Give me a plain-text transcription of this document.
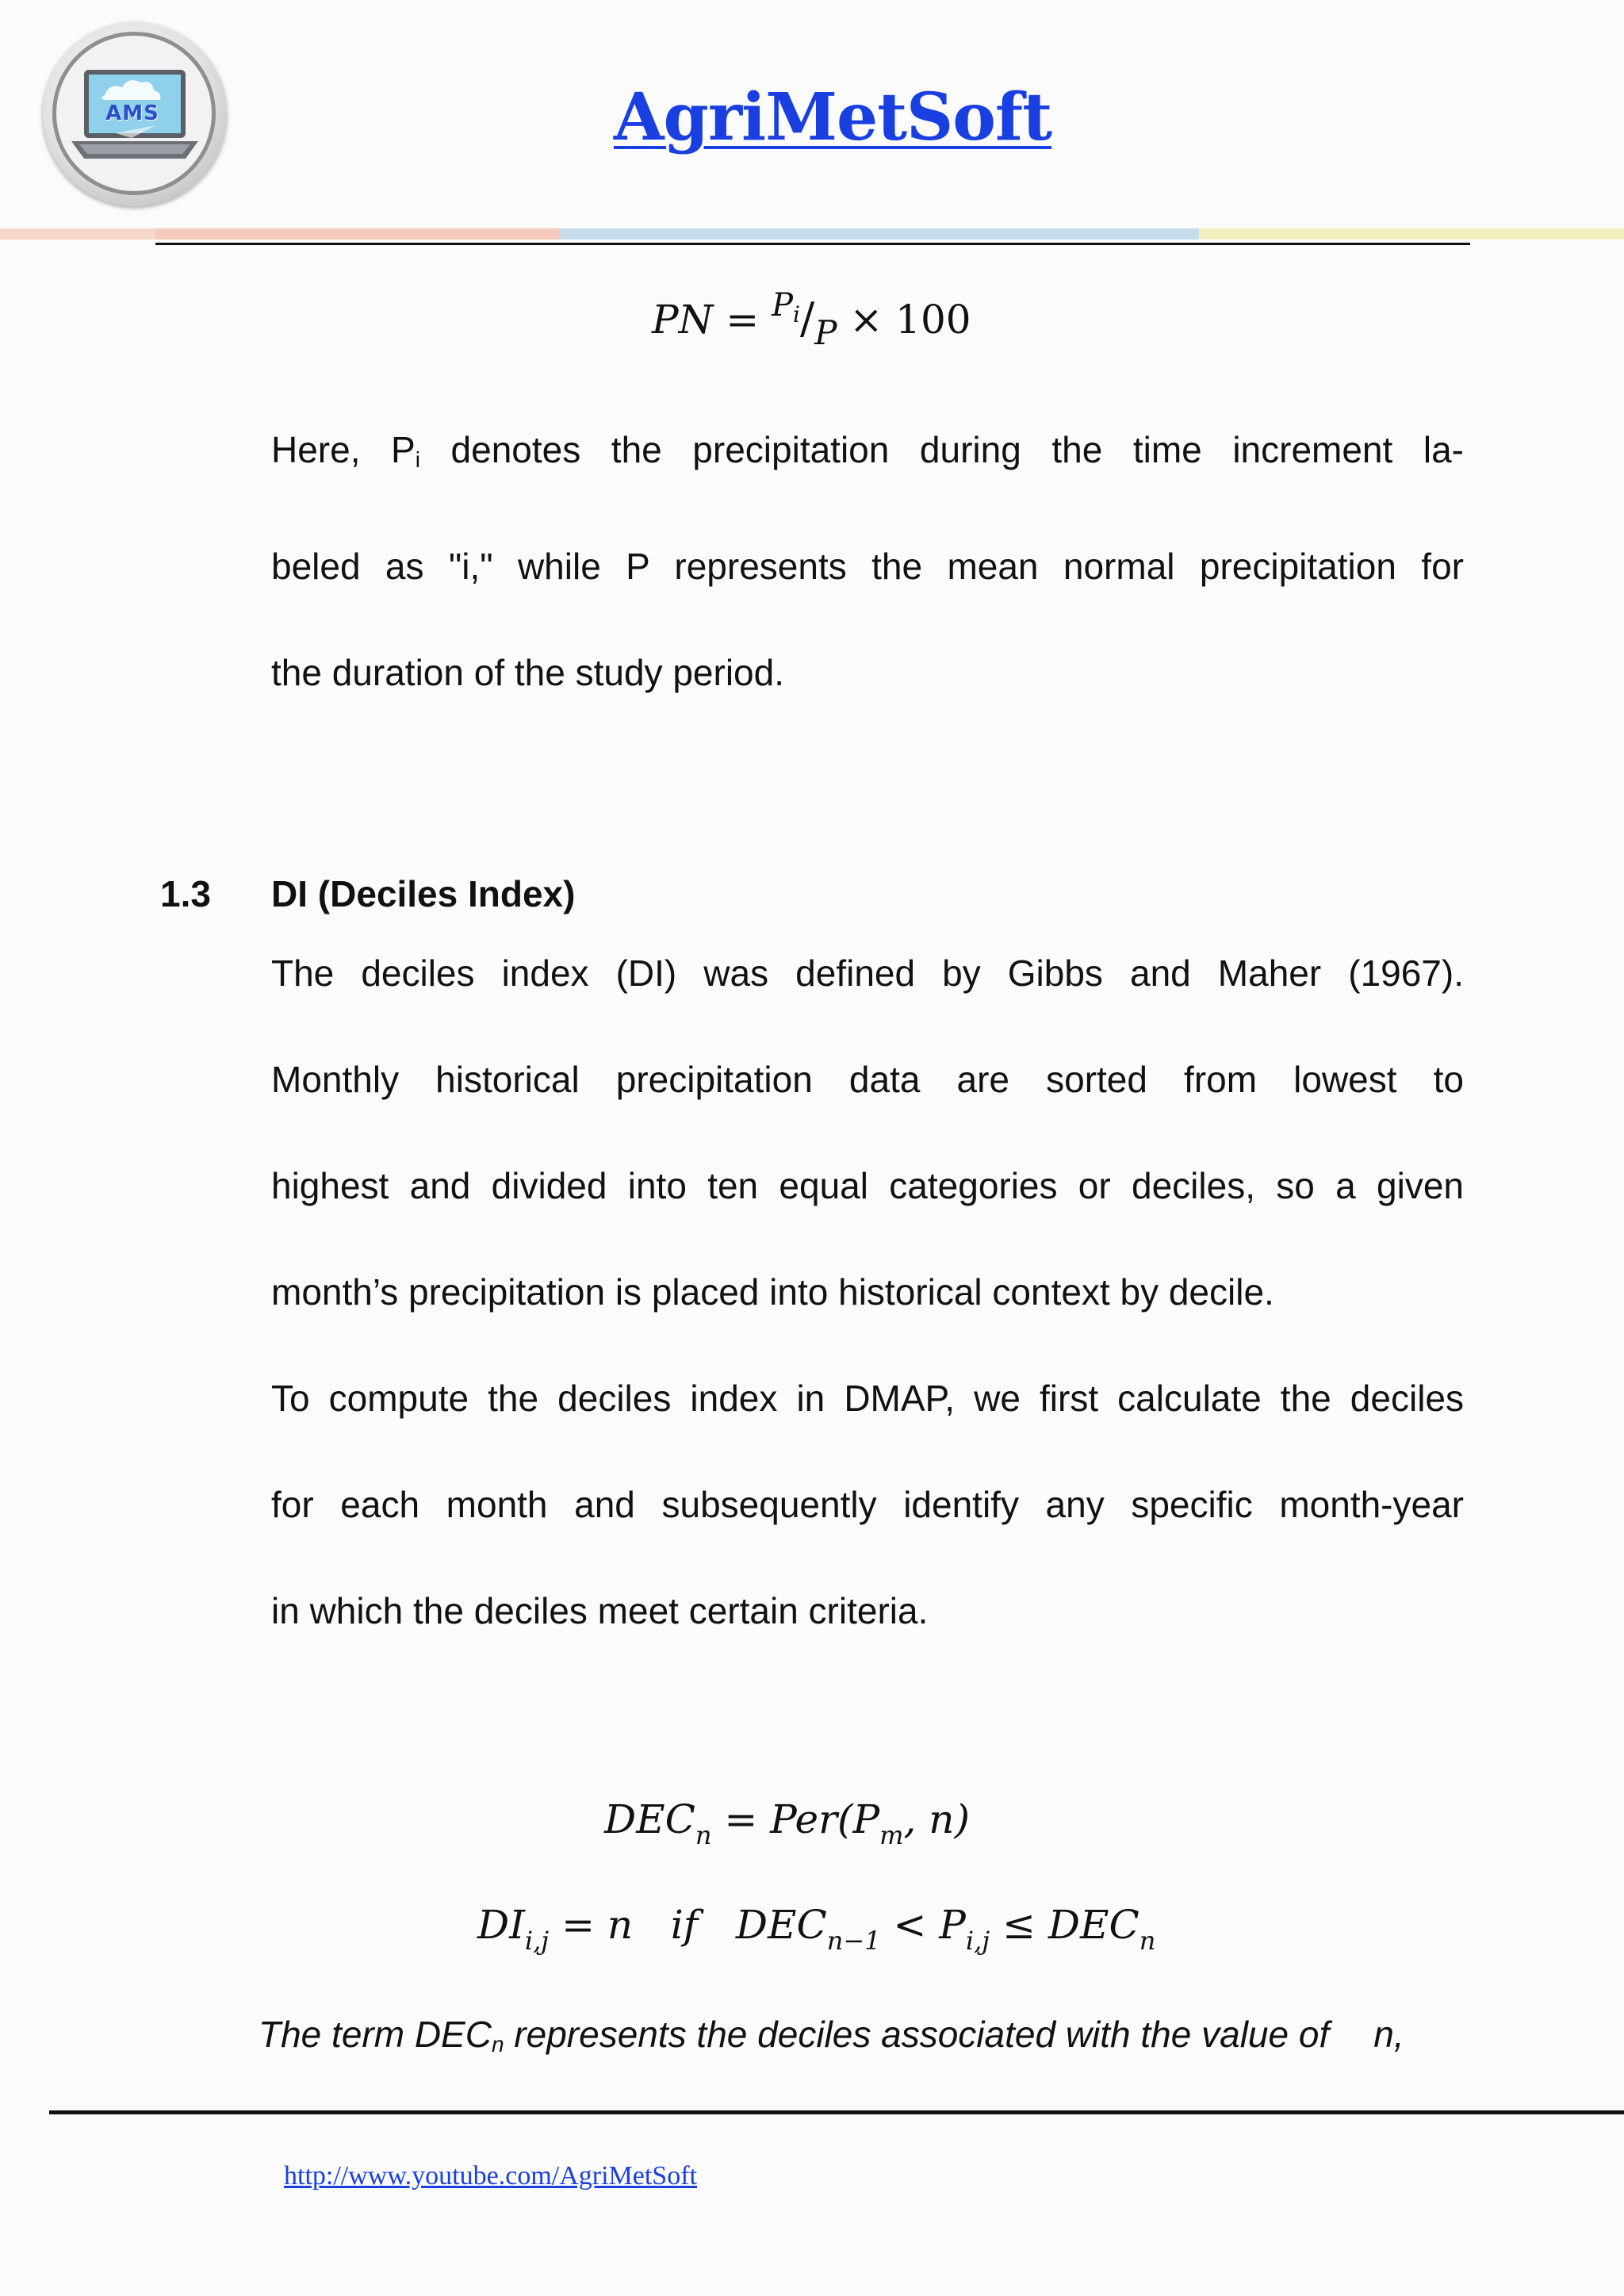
AMS	AgriMetSoft
PN = $^{P_i}/_P \times 100$
Here, Pi denotes the precipitation during the time increment la-
beled as "i," while P represents the mean normal precipitation for
the duration of the study period.
1.3 DI (Deciles Index)
The deciles index (DI) was defined by Gibbs and Maher (1967).
Monthly historical precipitation data are sorted from lowest to
highest and divided into ten equal categories or deciles, so a given
month’s precipitation is placed into historical context by decile.
To compute the deciles index in DMAP, we first calculate the deciles
for each month and subsequently identify any specific month-year
in which the deciles meet certain criteria.
$DEC_n = Per(P_m$, n)
$DI_{i,j} = n$   if   $DEC_{n-1} < P_{i,j} \le DEC_n$
The term DECn represents the deciles associated with the value of n,
http://www.youtube.com/AgriMetSoft
